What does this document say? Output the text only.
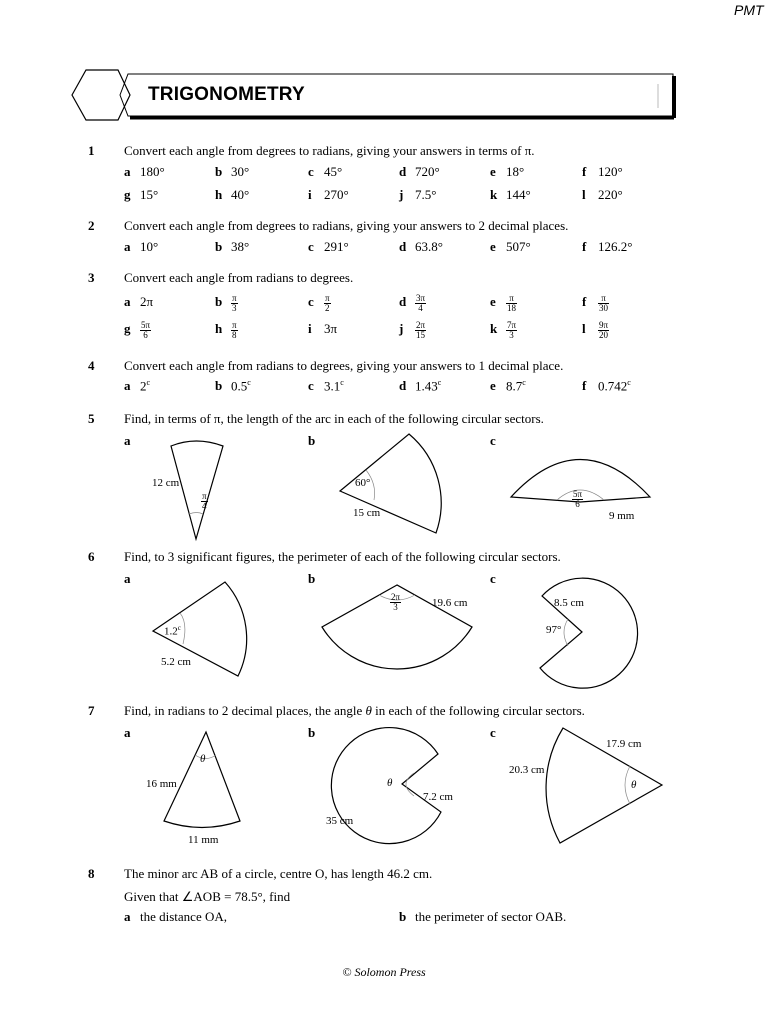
PMT
TRIGONOMETRY
1 Convert each angle from degrees to radians, giving your answers in terms of π.
a 180°	b 30°	c 45°	d 720°	e 18°	f 120°
g 15°	h 40°	i 270°	j 7.5°	k 144°	l 220°
2 Convert each angle from degrees to radians, giving your answers to 2 decimal places.
a 10°	b 38°	c 291°	d 63.8°	e 507°	f 126.2°
3 Convert each angle from radians to degrees.
a 2π	b $\frac{\pi}{3}$	c $\frac{\pi}{2}$	d $\frac{3\pi}{4}$	e $\frac{\pi}{18}$	f $\frac{\pi}{30}$
g $\frac{5\pi}{6}$	h $\frac{\pi}{8}$	i 3π	j $\frac{2\pi}{15}$	k $\frac{7\pi}{3}$	l $\frac{9\pi}{20}$
4 Convert each angle from radians to degrees, giving your answers to 1 decimal place.
a 2$^c$	b 0.5$^c$	c 3.1$^c$	d 1.43$^c$	e 8.7$^c$	f 0.742$^c$
5 Find, in terms of π, the length of the arc in each of the following circular sectors.
a	b	c
12 cm
$\frac{\pi}{4}$
60°
15 cm
$\frac{5\pi}{6}$
9 mm
6 Find, to 3 significant figures, the perimeter of each of the following circular sectors.
a	b	c
1.2$^c$
5.2 cm
$\frac{2\pi}{3}$	19.6 cm	8.5 cm
97°
7 Find, in radians to 2 decimal places, the angle θ in each of the following circular sectors.
a	b	c
θ
16 mm
11 mm
θ
7.2 cm
35 cm
20.3 cm
17.9 cm
θ
8 The minor arc AB of a circle, centre O, has length 46.2 cm.
Given that ∠AOB = 78.5°, find
a the distance OA,	b the perimeter of sector OAB.
© Solomon Press
